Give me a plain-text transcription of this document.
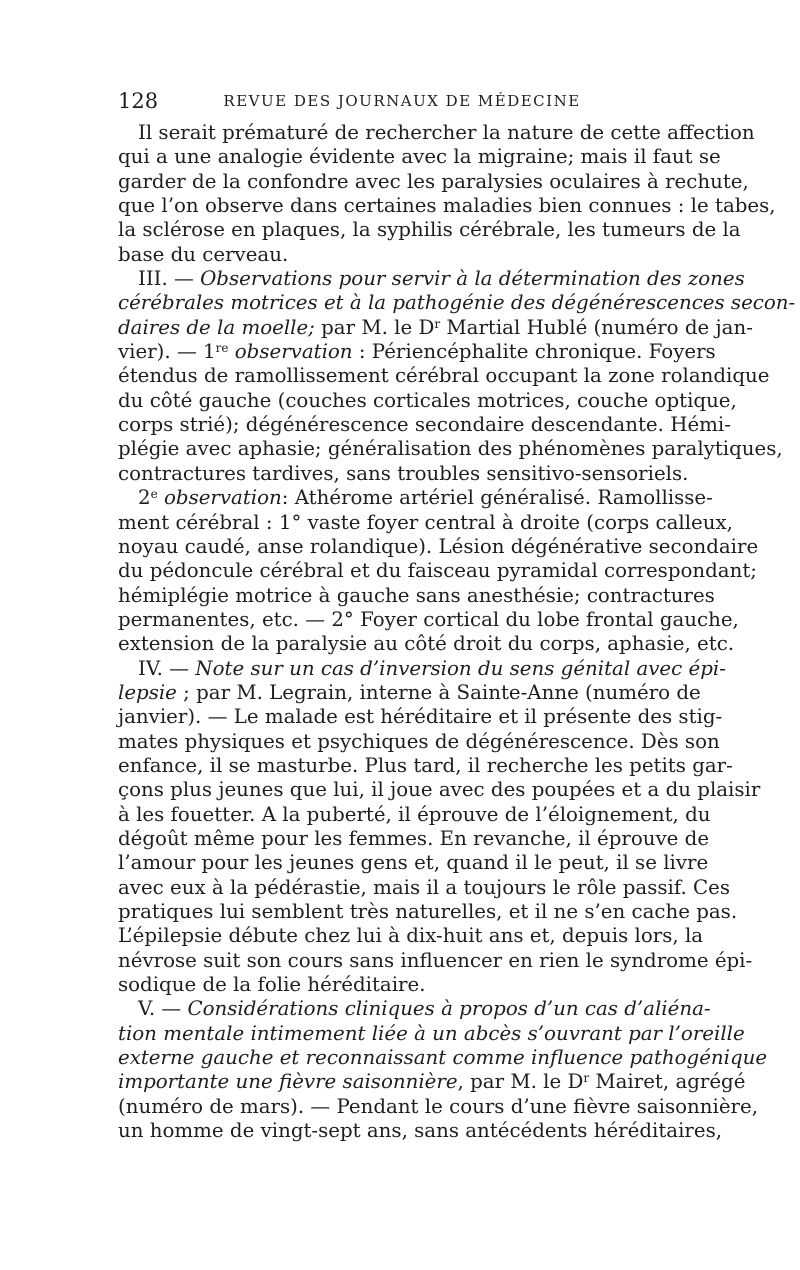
128	REVUE DES JOURNAUX DE MÉDECINE
Il serait prématuré de rechercher la nature de cette affection
qui a une analogie évidente avec la migraine; mais il faut se
garder de la confondre avec les paralysies oculaires à rechute,
que l’on observe dans certaines maladies bien connues : le tabes,
la sclérose en plaques, la syphilis cérébrale, les tumeurs de la
base du cerveau.
III. — Observations pour servir à la détermination des zones
cérébrales motrices et à la pathogénie des dégénérescences secon-
daires de la moelle; par M. le $D^r$ Martial Hublé (numéro de jan-
vier). — 1re observation : Périencéphalite chronique. Foyers
étendus de ramollissement cérébral occupant la zone rolandique
du côté gauche (couches corticales motrices, couche optique,
corps strié); dégénérescence secondaire descendante. Hémi-
plégie avec aphasie; généralisation des phénomènes paralytiques,
contractures tardives, sans troubles sensitivo-sensoriels.
2e observation: Athérome artériel généralisé. Ramollisse-
ment cérébral : 1° vaste foyer central à droite (corps calleux,
noyau caudé, anse rolandique). Lésion dégénérative secondaire
du pédoncule cérébral et du faisceau pyramidal correspondant;
hémiplégie motrice à gauche sans anesthésie; contractures
permanentes, etc. — 2° Foyer cortical du lobe frontal gauche,
extension de la paralysie au côté droit du corps, aphasie, etc.
IV. — Note sur un cas d’inversion du sens génital avec épi-
lepsie ; par M. Legrain, interne à Sainte-Anne (numéro de
janvier). — Le malade est héréditaire et il présente des stig-
mates physiques et psychiques de dégénérescence. Dès son
enfance, il se masturbe. Plus tard, il recherche les petits gar-
çons plus jeunes que lui, il joue avec des poupées et a du plaisir
à les fouetter. A la puberté, il éprouve de l’éloignement, du
dégoût même pour les femmes. En revanche, il éprouve de
l’amour pour les jeunes gens et, quand il le peut, il se livre
avec eux à la pédérastie, mais il a toujours le rôle passif. Ces
pratiques lui semblent très naturelles, et il ne s’en cache pas.
L’épilepsie débute chez lui à dix-huit ans et, depuis lors, la
névrose suit son cours sans influencer en rien le syndrome épi-
sodique de la folie héréditaire.
V. — Considérations cliniques à propos d’un cas d’aliéna-
tion mentale intimement liée à un abcès s’ouvrant par l’oreille
externe gauche et reconnaissant comme influence pathogénique
importante une fièvre saisonnière, par M. le $D^r$ Mairet, agrégé
(numéro de mars). — Pendant le cours d’une fièvre saisonnière,
un homme de vingt-sept ans, sans antécédents héréditaires,
